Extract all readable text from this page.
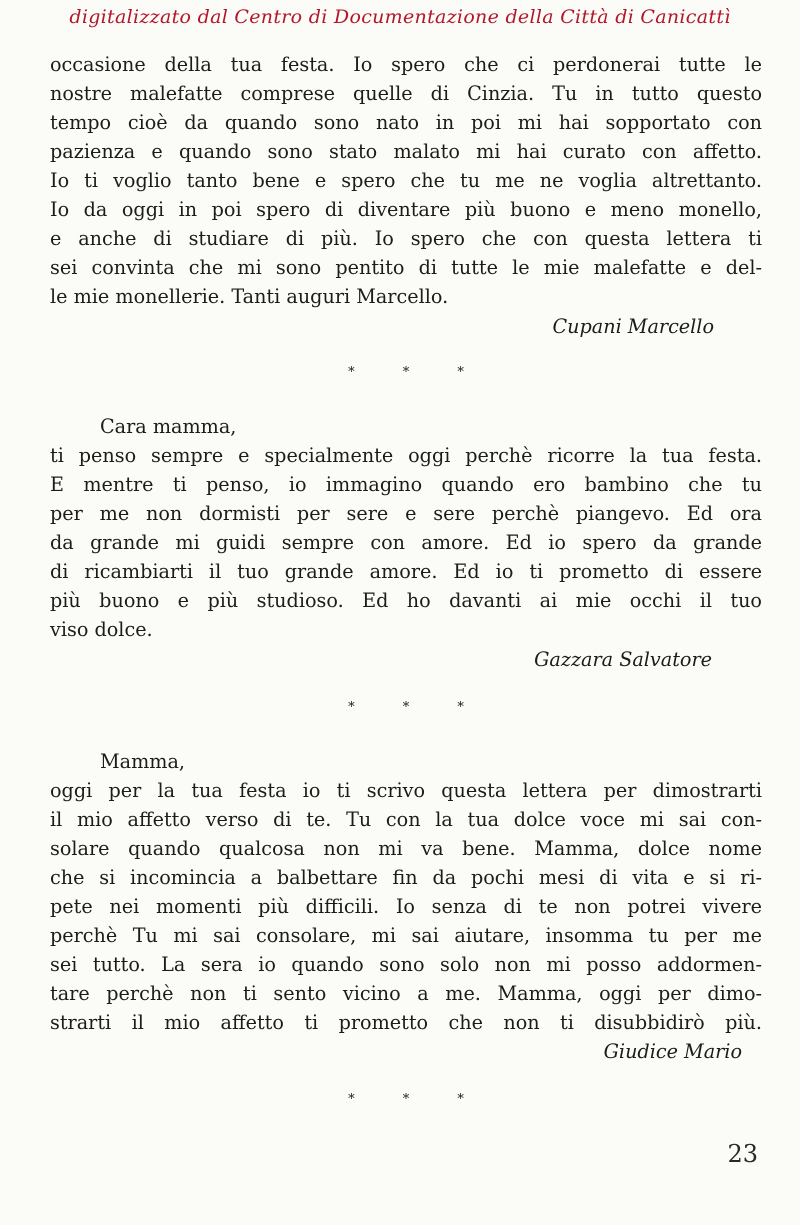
digitalizzato dal Centro di Documentazione della Città di Canicattì

occasione della tua festa. Io spero che ci perdonerai tutte le
nostre malefatte comprese quelle di Cinzia. Tu in tutto questo
tempo cioè da quando sono nato in poi mi hai sopportato con
pazienza e quando sono stato malato mi hai curato con affetto.
Io ti voglio tanto bene e spero che tu me ne voglia altrettanto.
Io da oggi in poi spero di diventare più buono e meno monello,
e anche di studiare di più. Io spero che con questa lettera ti
sei convinta che mi sono pentito di tutte le mie malefatte e del-
le mie monellerie. Tanti auguri Marcello.

Cupani Marcello

* * *

Cara mamma,

ti penso sempre e specialmente oggi perchè ricorre la tua festa.
E mentre ti penso, io immagino quando ero bambino che tu
per me non dormisti per sere e sere perchè piangevo. Ed ora
da grande mi guidi sempre con amore. Ed io spero da grande
di ricambiarti il tuo grande amore. Ed io ti prometto di essere
più buono e più studioso. Ed ho davanti ai mie occhi il tuo
viso dolce.

Gazzara Salvatore

* * *

Mamma,

oggi per la tua festa io ti scrivo questa lettera per dimostrarti
il mio affetto verso di te. Tu con la tua dolce voce mi sai con-
solare quando qualcosa non mi va bene. Mamma, dolce nome
che si incomincia a balbettare fin da pochi mesi di vita e si ri-
pete nei momenti più difficili. Io senza di te non potrei vivere
perchè Tu mi sai consolare, mi sai aiutare, insomma tu per me
sei tutto. La sera io quando sono solo non mi posso addormen-
tare perchè non ti sento vicino a me. Mamma, oggi per dimo-
strarti il mio affetto ti prometto che non ti disubbidirò più.

Giudice Mario

* * *

23
